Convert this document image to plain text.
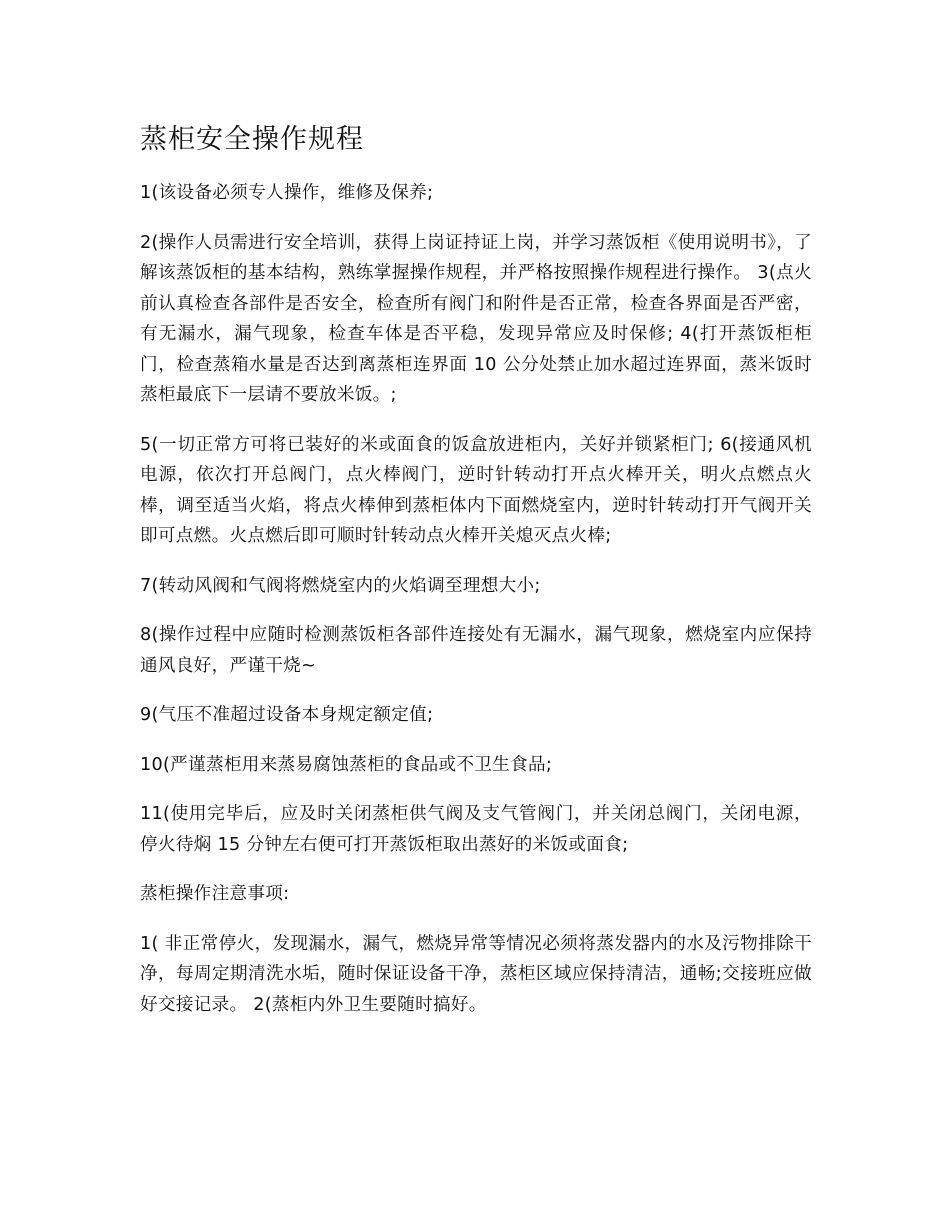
蒸柜安全操作规程

1(该设备必须专人操作，维修及保养;

2(操作人员需进行安全培训，获得上岗证持证上岗，并学习蒸饭柜《使用说明书》，了解该蒸饭柜的基本结构，熟练掌握操作规程，并严格按照操作规程进行操作。 3(点火前认真检查各部件是否安全，检查所有阀门和附件是否正常，检查各界面是否严密，有无漏水，漏气现象，检查车体是否平稳，发现异常应及时保修; 4(打开蒸饭柜柜门，检查蒸箱水量是否达到离蒸柜连界面 10 公分处禁止加水超过连界面，蒸米饭时蒸柜最底下一层请不要放米饭。;

5(一切正常方可将已装好的米或面食的饭盒放进柜内，关好并锁紧柜门; 6(接通风机电源，依次打开总阀门，点火棒阀门，逆时针转动打开点火棒开关，明火点燃点火棒，调至适当火焰，将点火棒伸到蒸柜体内下面燃烧室内，逆时针转动打开气阀开关即可点燃。火点燃后即可顺时针转动点火棒开关熄灭点火棒;

7(转动风阀和气阀将燃烧室内的火焰调至理想大小;

8(操作过程中应随时检测蒸饭柜各部件连接处有无漏水，漏气现象，燃烧室内应保持通风良好，严谨干烧~

9(气压不准超过设备本身规定额定值;

10(严谨蒸柜用来蒸易腐蚀蒸柜的食品或不卫生食品;

11(使用完毕后，应及时关闭蒸柜供气阀及支气管阀门，并关闭总阀门，关闭电源，停火待焖 15 分钟左右便可打开蒸饭柜取出蒸好的米饭或面食;

蒸柜操作注意事项:

1( 非正常停火，发现漏水，漏气，燃烧异常等情况必须将蒸发器内的水及污物排除干净，每周定期清洗水垢，随时保证设备干净，蒸柜区域应保持清洁，通畅;交接班应做好交接记录。 2(蒸柜内外卫生要随时搞好。
